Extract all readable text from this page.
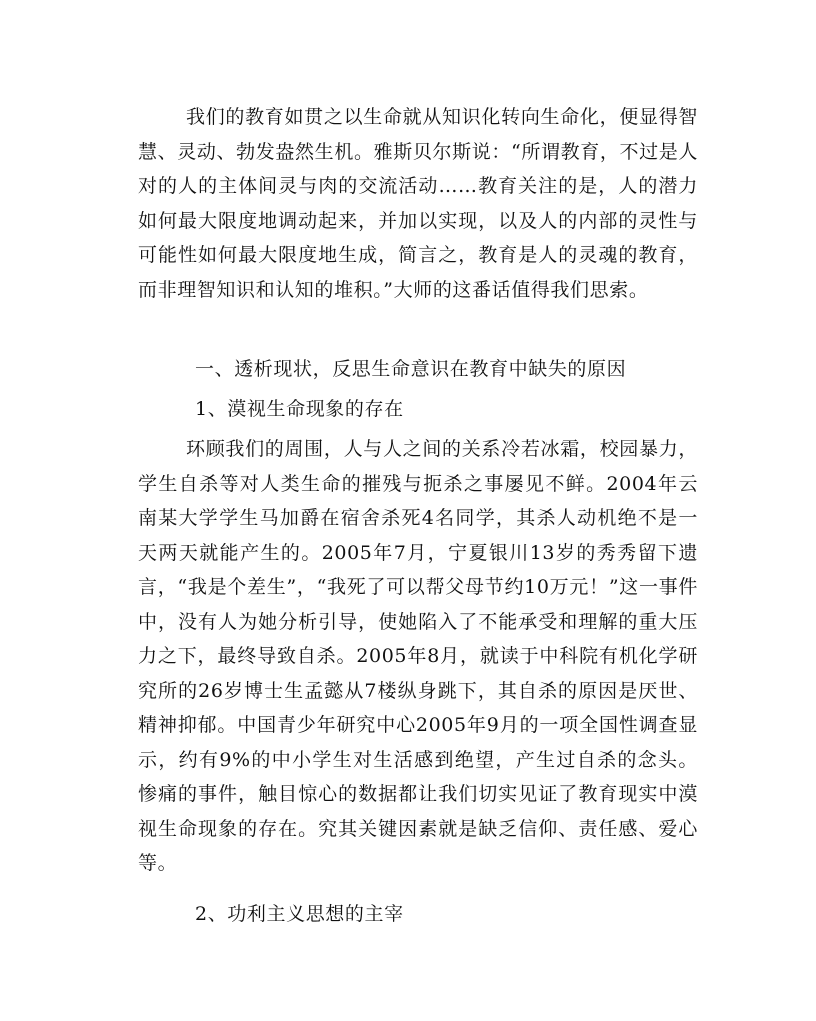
我们的教育如贯之以生命就从知识化转向生命化，便显得智慧、灵动、勃发盎然生机。雅斯贝尔斯说：“所谓教育，不过是人对的人的主体间灵与肉的交流活动……教育关注的是，人的潜力如何最大限度地调动起来，并加以实现，以及人的内部的灵性与可能性如何最大限度地生成，简言之，教育是人的灵魂的教育，而非理智知识和认知的堆积。”大师的这番话值得我们思索。
一、透析现状，反思生命意识在教育中缺失的原因
1、漠视生命现象的存在
环顾我们的周围，人与人之间的关系冷若冰霜，校园暴力，学生自杀等对人类生命的摧残与扼杀之事屡见不鲜。2004年云南某大学学生马加爵在宿舍杀死4名同学，其杀人动机绝不是一天两天就能产生的。2005年7月，宁夏银川13岁的秀秀留下遗言，“我是个差生”，“我死了可以帮父母节约10万元！”这一事件中，没有人为她分析引导，使她陷入了不能承受和理解的重大压力之下，最终导致自杀。2005年8月，就读于中科院有机化学研究所的26岁博士生孟懿从7楼纵身跳下，其自杀的原因是厌世、精神抑郁。中国青少年研究中心2005年9月的一项全国性调查显示，约有9%的中小学生对生活感到绝望，产生过自杀的念头。惨痛的事件，触目惊心的数据都让我们切实见证了教育现实中漠视生命现象的存在。究其关键因素就是缺乏信仰、责任感、爱心等。
2、功利主义思想的主宰
